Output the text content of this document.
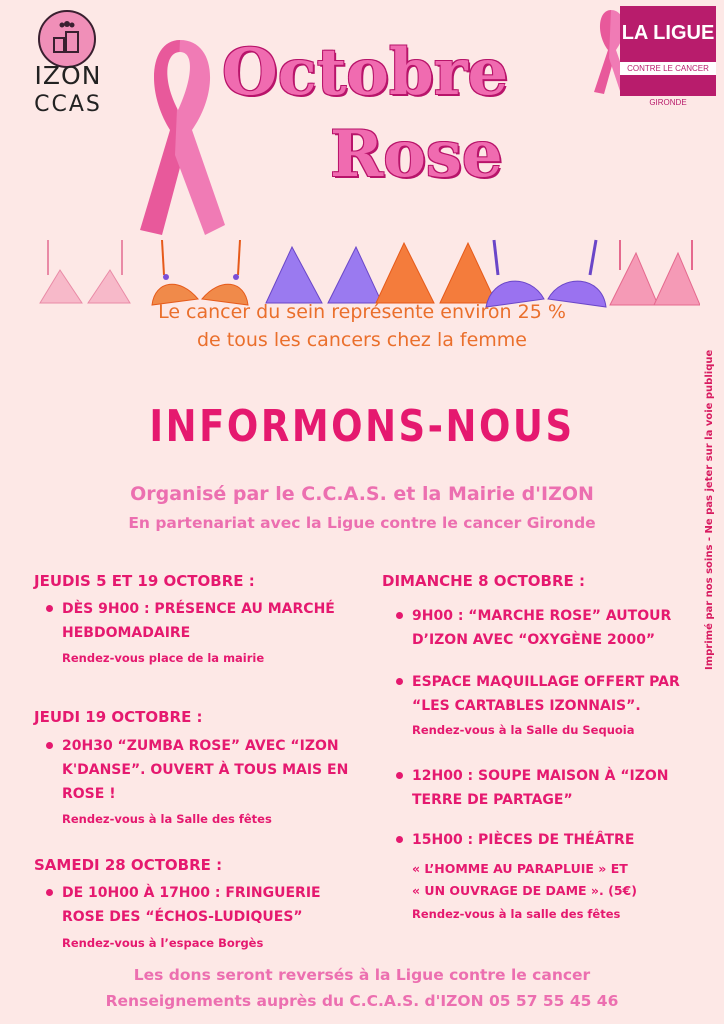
IZON
CCAS Octobre
Rose
LA LIGUE
CONTRE LE CANCER
GIRONDE
Imprimé par nos soins - Ne pas jeter sur la voie publique
Le cancer du sein représente environ 25 %
de tous les cancers chez la femme
INFORMONS-NOUS
Organisé par le C.C.A.S. et la Mairie d'IZON
En partenariat avec la Ligue contre le cancer Gironde
JEUDIS 5 ET 19 OCTOBRE :
DÈS 9H00 : PRÉSENCE AU MARCHÉ HEBDOMADAIRE
Rendez-vous place de la mairie
JEUDI 19 OCTOBRE :
20H30 “ZUMBA ROSE” AVEC “IZON K'DANSE”. OUVERT À TOUS MAIS EN ROSE !
Rendez-vous à la Salle des fêtes
SAMEDI 28 OCTOBRE :
DE 10H00 À 17H00 : FRINGUERIE ROSE DES “ÉCHOS-LUDIQUES”
Rendez-vous à l’espace Borgès
DIMANCHE 8 OCTOBRE :
9H00 : “MARCHE ROSE” AUTOUR D’IZON AVEC “OXYGÈNE 2000”
ESPACE MAQUILLAGE OFFERT PAR “LES CARTABLES IZONNAIS”.
Rendez-vous à la Salle du Sequoia
12H00 : SOUPE MAISON À “IZON TERRE DE PARTAGE”
15H00 : PIÈCES DE THÉÂTRE
« L’HOMME AU PARAPLUIE » ET
« UN OUVRAGE DE DAME ». (5€)
Rendez-vous à la salle des fêtes
Les dons seront reversés à la Ligue contre le cancer
Renseignements auprès du C.C.A.S. d'IZON 05 57 55 45 46
